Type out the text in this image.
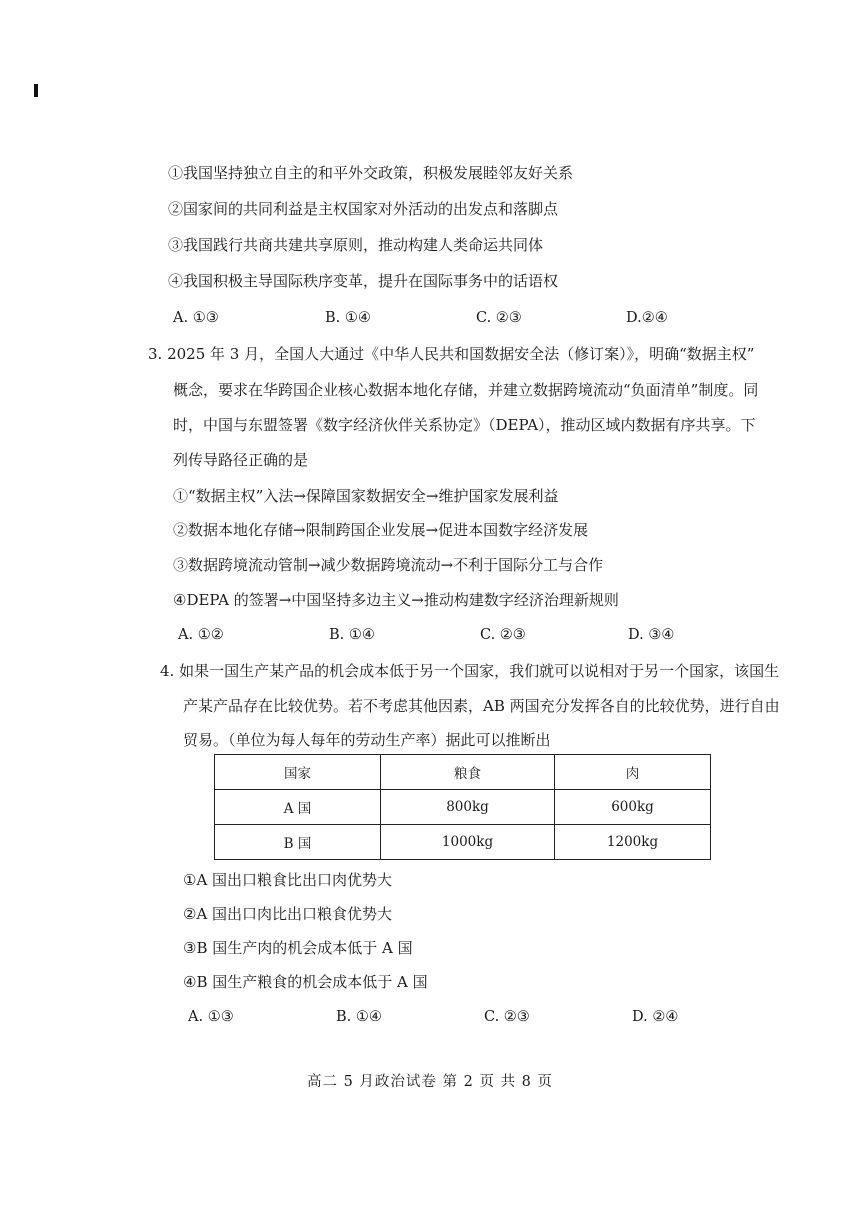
①我国坚持独立自主的和平外交政策，积极发展睦邻友好关系
②国家间的共同利益是主权国家对外活动的出发点和落脚点
③我国践行共商共建共享原则，推动构建人类命运共同体
④我国积极主导国际秩序变革，提升在国际事务中的话语权
A. ①③	B. ①④	C. ②③	D.②④
3. 2025 年 3 月，全国人大通过《中华人民共和国数据安全法（修订案）》，明确“数据主权”
概念，要求在华跨国企业核心数据本地化存储，并建立数据跨境流动“负面清单”制度。同
时，中国与东盟签署《数字经济伙伴关系协定》（DEPA），推动区域内数据有序共享。下
列传导路径正确的是
①“数据主权”入法→保障国家数据安全→维护国家发展利益
②数据本地化存储→限制跨国企业发展→促进本国数字经济发展
③数据跨境流动管制→减少数据跨境流动→不利于国际分工与合作
④DEPA 的签署→中国坚持多边主义→推动构建数字经济治理新规则
A. ①②	B. ①④	C. ②③	D. ③④
4. 如果一国生产某产品的机会成本低于另一个国家，我们就可以说相对于另一个国家，该国生
产某产品存在比较优势。若不考虑其他因素，AB 两国充分发挥各自的比较优势，进行自由
贸易。（单位为每人每年的劳动生产率）据此可以推断出
国家	粮食	肉
A 国	800kg	600kg
B 国	1000kg	1200kg
①A 国出口粮食比出口肉优势大
②A 国出口肉比出口粮食优势大
③B 国生产肉的机会成本低于 A 国
④B 国生产粮食的机会成本低于 A 国
A. ①③	B. ①④	C. ②③	D. ②④
高二 5 月政治试卷 第 2 页 共 8 页
